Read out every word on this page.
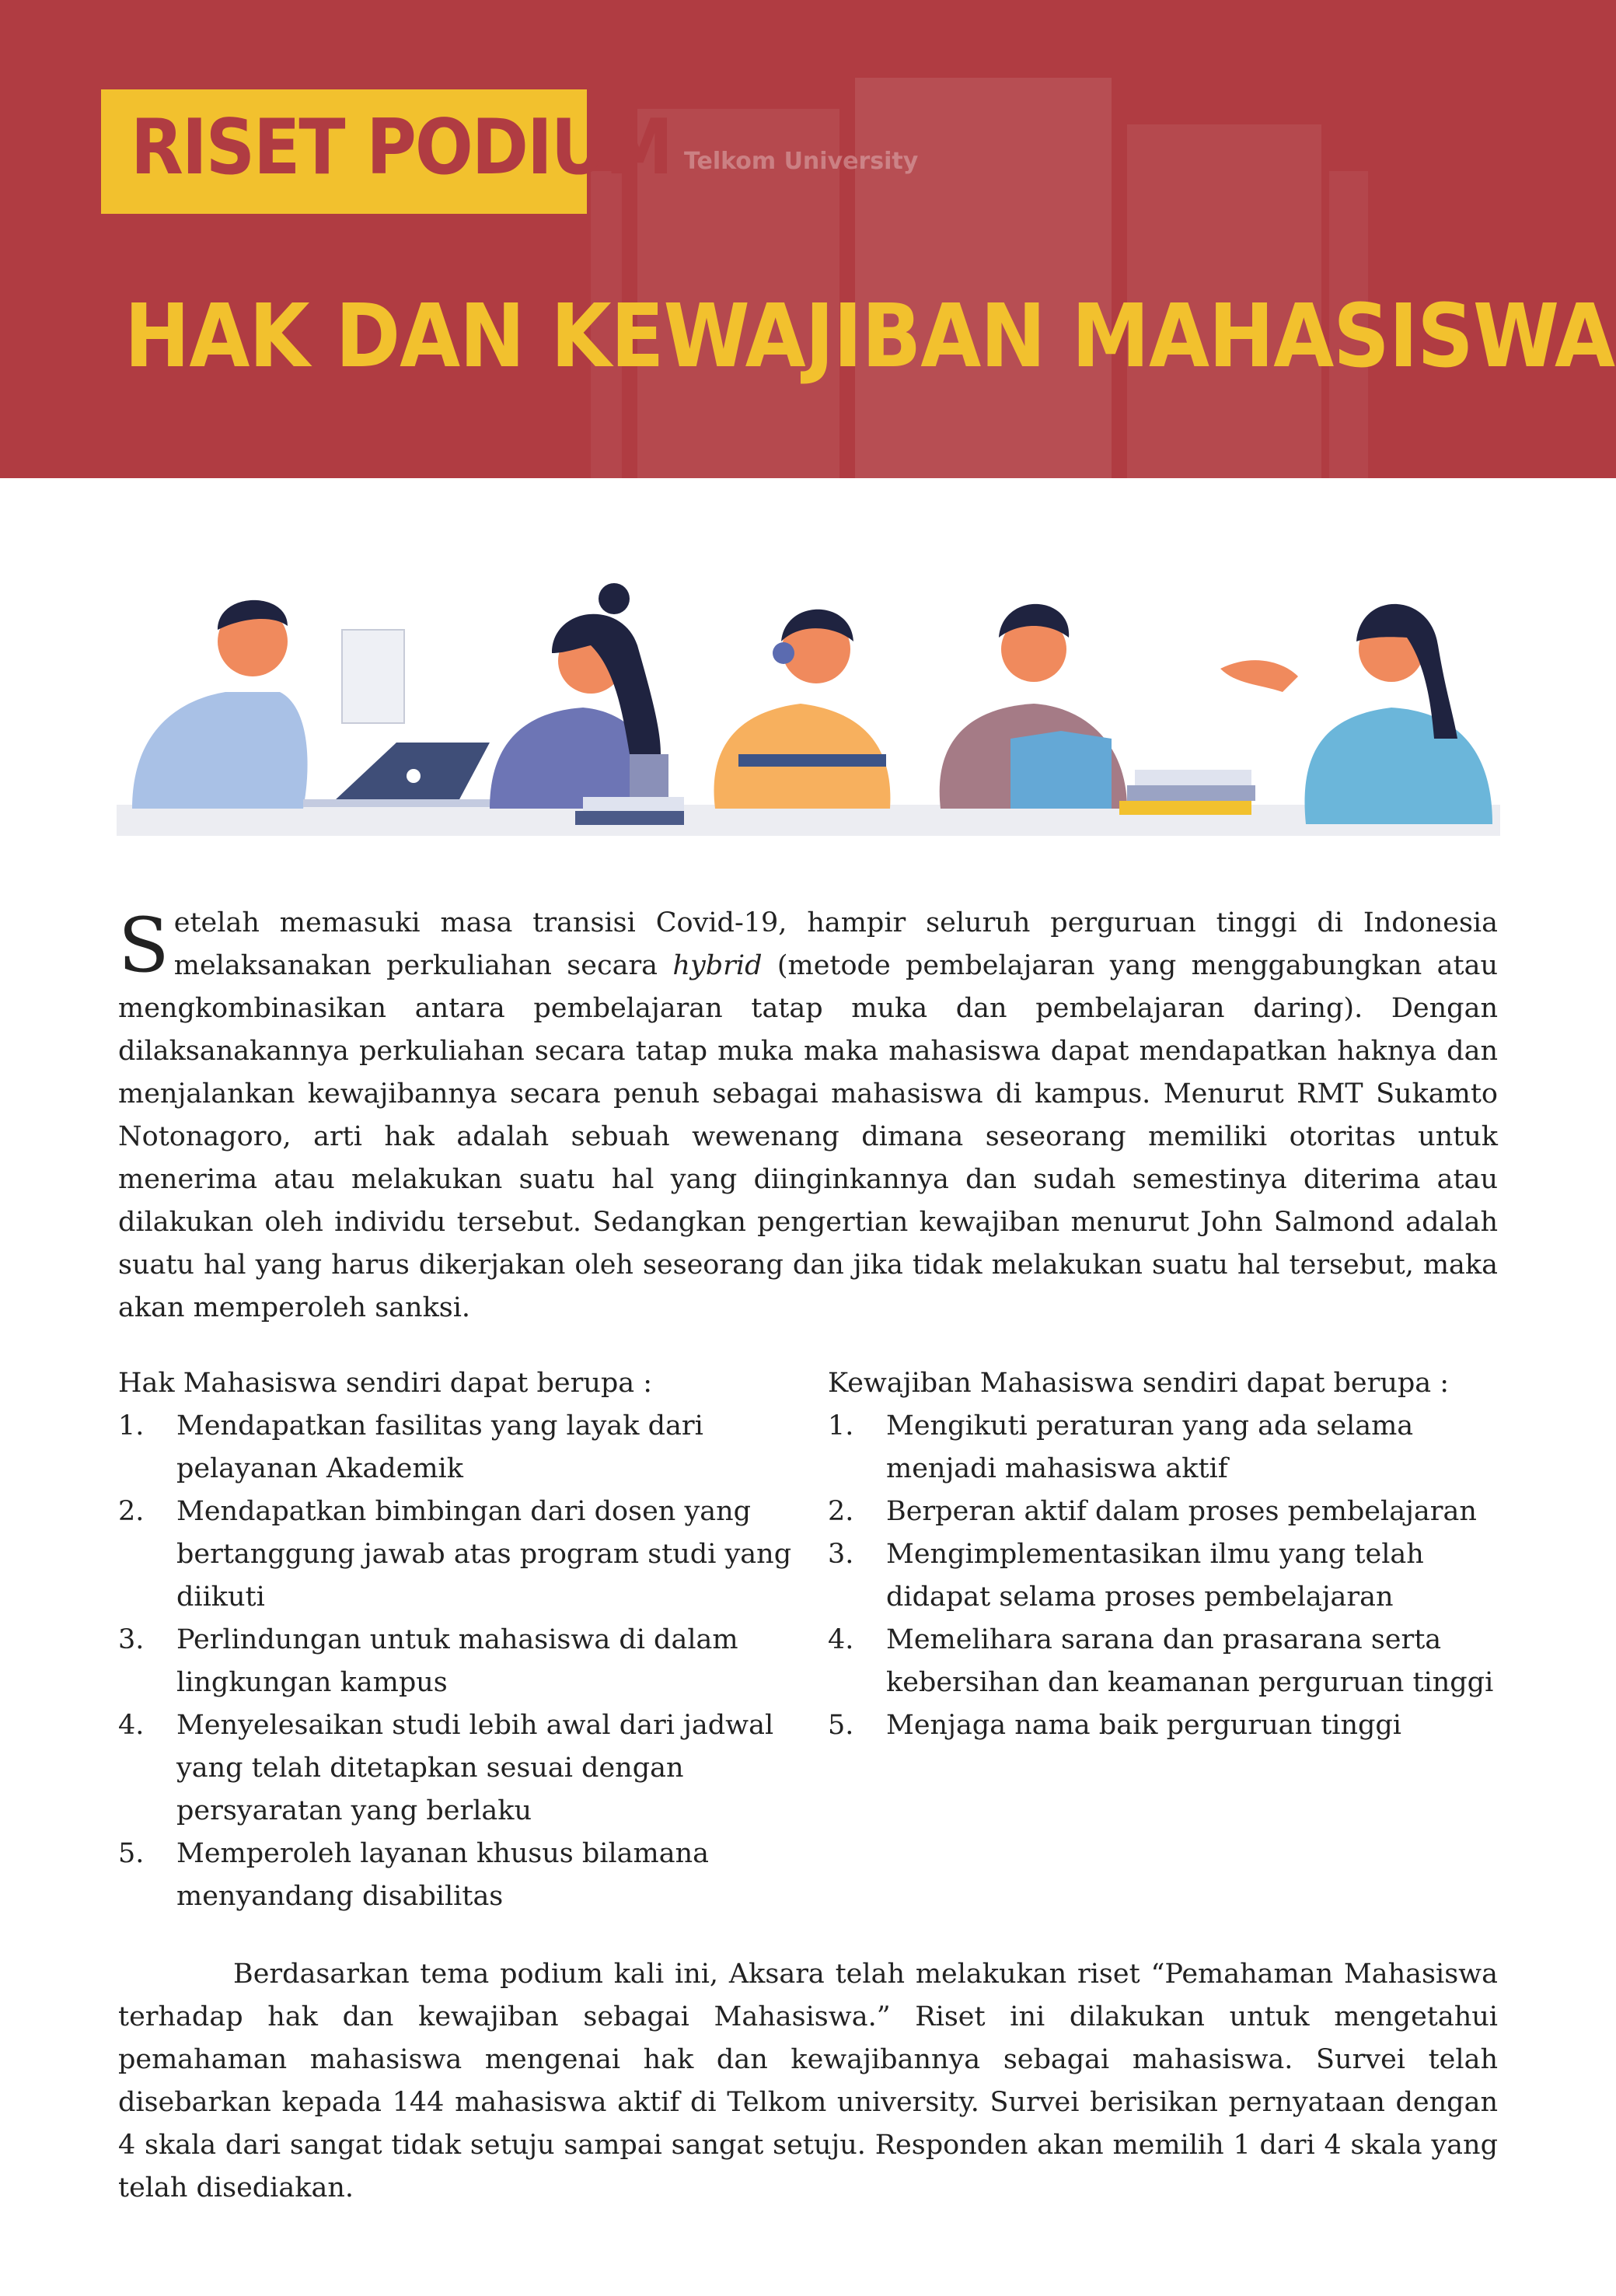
Telkom University
RISET PODIUM
HAK DAN KEWAJIBAN MAHASISWA

Setelah memasuki masa transisi Covid-19, hampir seluruh perguruan tinggi di Indonesia melaksanakan perkuliahan secara hybrid (metode pembelajaran yang menggabungkan atau mengkombinasikan antara pembelajaran tatap muka dan pembelajaran daring). Dengan dilaksanakannya perkuliahan secara tatap muka maka mahasiswa dapat mendapatkan haknya dan menjalankan kewajibannya secara penuh sebagai mahasiswa di kampus. Menurut RMT Sukamto Notonagoro, arti hak adalah sebuah wewenang dimana seseorang memiliki otoritas untuk menerima atau melakukan suatu hal yang diinginkannya dan sudah semestinya diterima atau dilakukan oleh individu tersebut. Sedangkan pengertian kewajiban menurut John Salmond adalah suatu hal yang harus dikerjakan oleh seseorang dan jika tidak melakukan suatu hal tersebut, maka akan memperoleh sanksi.

Hak Mahasiswa sendiri dapat berupa :

1. Mendapatkan fasilitas yang layak dari pelayanan Akademik
2. Mendapatkan bimbingan dari dosen yang bertanggung jawab atas program studi yang diikuti
3. Perlindungan untuk mahasiswa di dalam lingkungan kampus
4. Menyelesaikan studi lebih awal dari jadwal yang telah ditetapkan sesuai dengan persyaratan yang berlaku
5. Memperoleh layanan khusus bilamana menyandang disabilitas

Kewajiban Mahasiswa sendiri dapat berupa :

1. Mengikuti peraturan yang ada selama menjadi mahasiswa aktif
2. Berperan aktif dalam proses pembelajaran
3. Mengimplementasikan ilmu yang telah didapat selama proses pembelajaran
4. Memelihara sarana dan prasarana serta kebersihan dan keamanan perguruan tinggi
5. Menjaga nama baik perguruan tinggi

Berdasarkan tema podium kali ini, Aksara telah melakukan riset “Pemahaman Mahasiswa terhadap hak dan kewajiban sebagai Mahasiswa.” Riset ini dilakukan untuk mengetahui pemahaman mahasiswa mengenai hak dan kewajibannya sebagai mahasiswa. Survei telah disebarkan kepada 144 mahasiswa aktif di Telkom university. Survei berisikan pernyataan dengan 4 skala dari sangat tidak setuju sampai sangat setuju. Responden akan memilih 1 dari 4 skala yang telah disediakan.
